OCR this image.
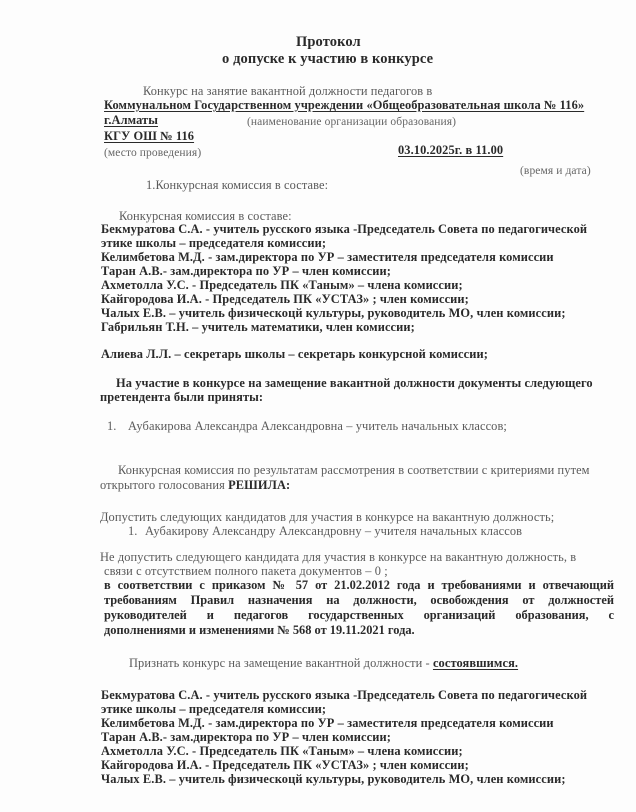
Протокол
о допуске к участию в конкурсе
Конкурс на занятие вакантной должности педагогов в
Коммунальном Государственном учреждении «Общеобразовательная школа № 116»
г.Алматы	(наименование организации образования)
КГУ ОШ № 116
(место проведения)	03.10.2025г. в 11.00
(время и дата)
1.Конкурсная комиссия в составе:
Конкурсная комиссия в составе:
Бекмуратова С.А. - учитель русского языка -Председатель Совета по педагогической
этике школы – председателя комиссии;
Келимбетова М.Д. - зам.директора по УР – заместителя председателя комиссии
Таран А.В.- зам.директора по УР – член комиссии;
Ахметолла У.С. - Председатель ПК «Таным» – члена комиссии;
Кайгородова И.А. - Председатель ПК «УСТАЗ» ; член комиссии;
Чалых Е.В. – учитель физическоцй культуры, руководитель МО, член комиссии;
Габрильян Т.Н. – учитель математики, член комиссии;
Алиева Л.Л. – секретарь школы – секретарь конкурсной комиссии;
На участие в конкурсе на замещение вакантной должности документы следующего
претендента были приняты:
1. Аубакирова Александра Александровна – учитель начальных классов;
Конкурсная комиссия по результатам рассмотрения в соответствии с критериями путем
открытого голосования РЕШИЛА:
Допустить следующих кандидатов для участия в конкурсе на вакантную должность;
1. Аубакирову Александру Александровну – учителя начальных классов
Не допустить следующего кандидата для участия в конкурсе на вакантную должность, в
связи с отсутствием полного пакета документов – 0 ;
в соответствии с приказом № 57 от 21.02.2012 года и требованиями и отвечающий
требованиям Правил назначения на должности, освобождения от должностей
руководителей и педагогов государственных организаций образования, с
дополнениями и изменениями № 568 от 19.11.2021 года.
Признать конкурс на замещение вакантной должности - состоявшимся.
Бекмуратова С.А. - учитель русского языка -Председатель Совета по педагогической
этике школы – председателя комиссии;
Келимбетова М.Д. - зам.директора по УР – заместителя председателя комиссии
Таран А.В.- зам.директора по УР – член комиссии;
Ахметолла У.С. - Председатель ПК «Таным» – члена комиссии;
Кайгородова И.А. - Председатель ПК «УСТАЗ» ; член комиссии;
Чалых Е.В. – учитель физическоцй культуры, руководитель МО, член комиссии;
